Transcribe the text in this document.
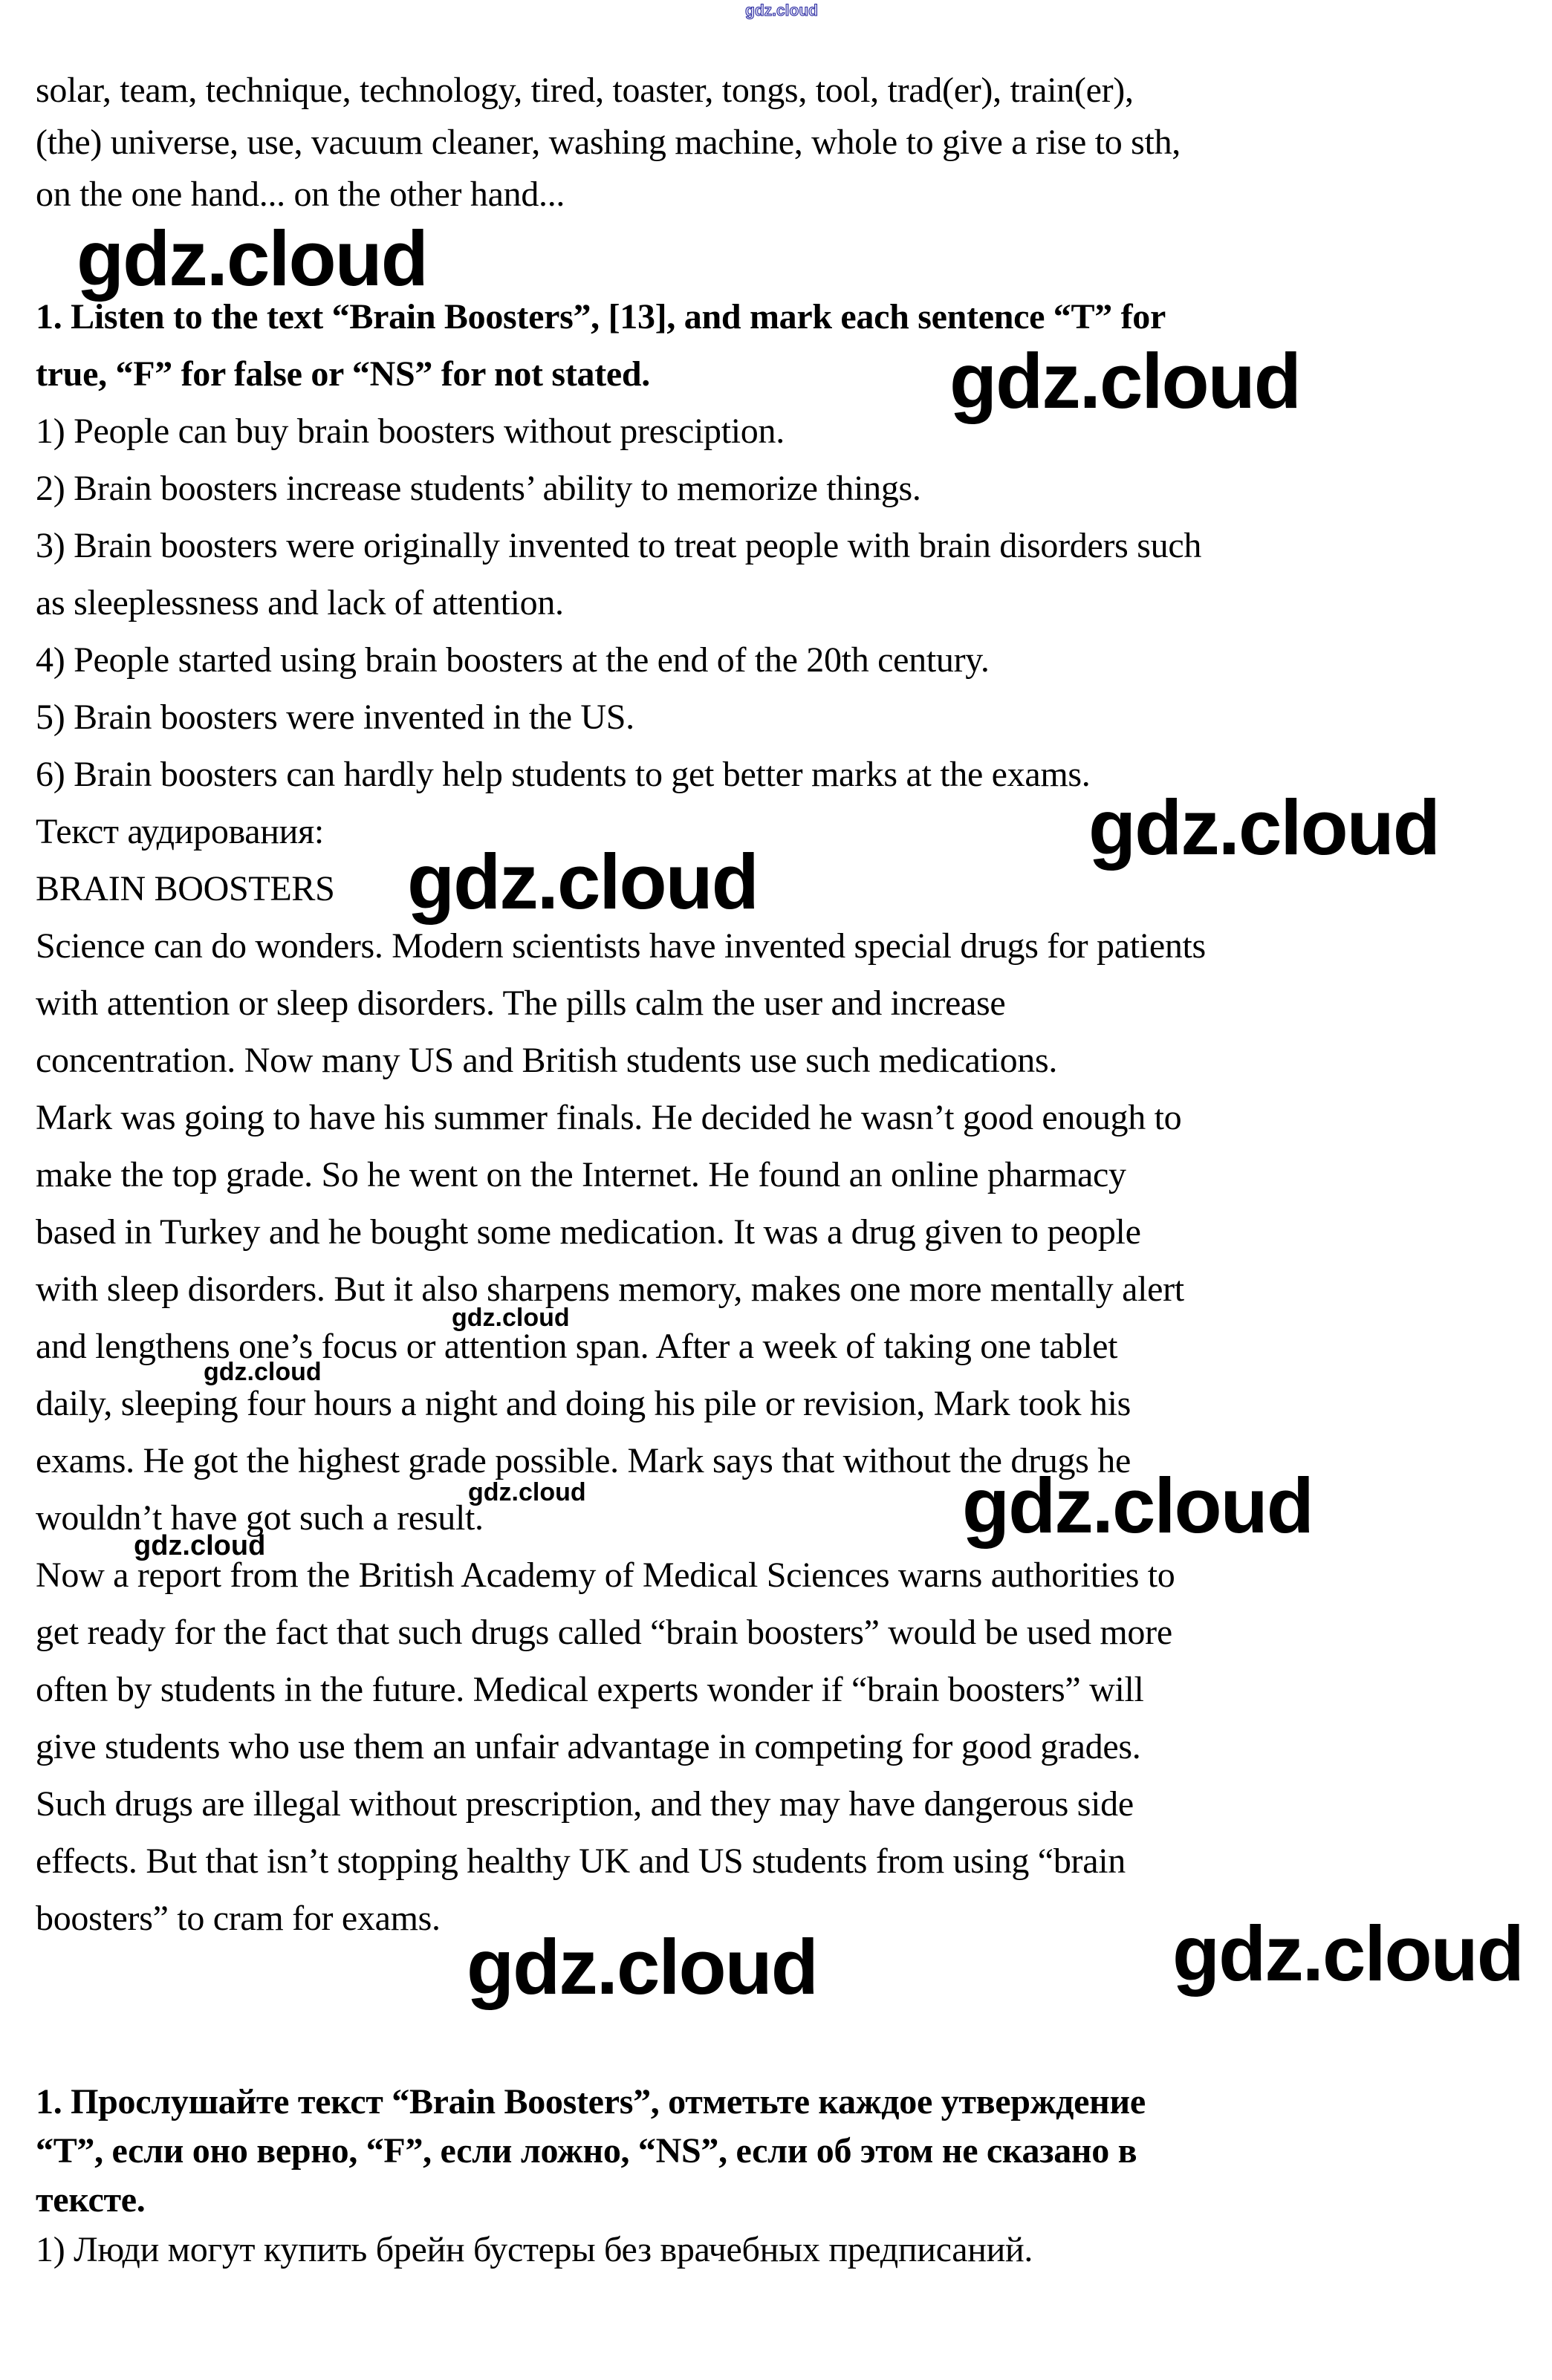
solar, team, technique, technology, tired, toaster, tongs, tool, trad(er), train(er),
(the) universe, use, vacuum cleaner, washing machine, whole to give a rise to sth,
on the one hand... on the other hand...
1. Listen to the text “Brain Boosters”, [13], and mark each sentence “T” for
true, “F” for false or “NS” for not stated.
1) People can buy brain boosters without presciption.
2) Brain boosters increase students’ ability to memorize things.
3) Brain boosters were originally invented to treat people with brain disorders such
as sleeplessness and lack of attention.
4) People started using brain boosters at the end of the 20th century.
5) Brain boosters were invented in the US.
6) Brain boosters can hardly help students to get better marks at the exams.
Текст аудирования:
BRAIN BOOSTERS
Science can do wonders. Modern scientists have invented special drugs for patients
with attention or sleep disorders. The pills calm the user and increase
concentration. Now many US and British students use such medications.
Mark was going to have his summer finals. He decided he wasn’t good enough to
make the top grade. So he went on the Internet. He found an online pharmacy
based in Turkey and he bought some medication. It was a drug given to people
with sleep disorders. But it also sharpens memory, makes one more mentally alert
and lengthens one’s focus or attention span. After a week of taking one tablet
daily, sleeping four hours a night and doing his pile or revision, Mark took his
exams. He got the highest grade possible. Mark says that without the drugs he
wouldn’t have got such a result.
Now a report from the British Academy of Medical Sciences warns authorities to
get ready for the fact that such drugs called “brain boosters” would be used more
often by students in the future. Medical experts wonder if “brain boosters” will
give students who use them an unfair advantage in competing for good grades.
Such drugs are illegal without prescription, and they may have dangerous side
effects. But that isn’t stopping healthy UK and US students from using “brain
boosters” to cram for exams.
1. Прослушайте текст “Brain Boosters”, отметьте каждое утверждение
“Т”, если оно верно, “F”, если ложно, “NS”, если об этом не сказано в
тексте.
1) Люди могут купить брейн бустеры без врачебных предписаний.
gdz.cloud
gdz.cloud
gdz.cloud
gdz.cloud
gdz.cloud
gdz.cloud
gdz.cloud
gdz.cloud	gdz.cloud
gdz.cloud
gdz.cloud	gdz.cloud
